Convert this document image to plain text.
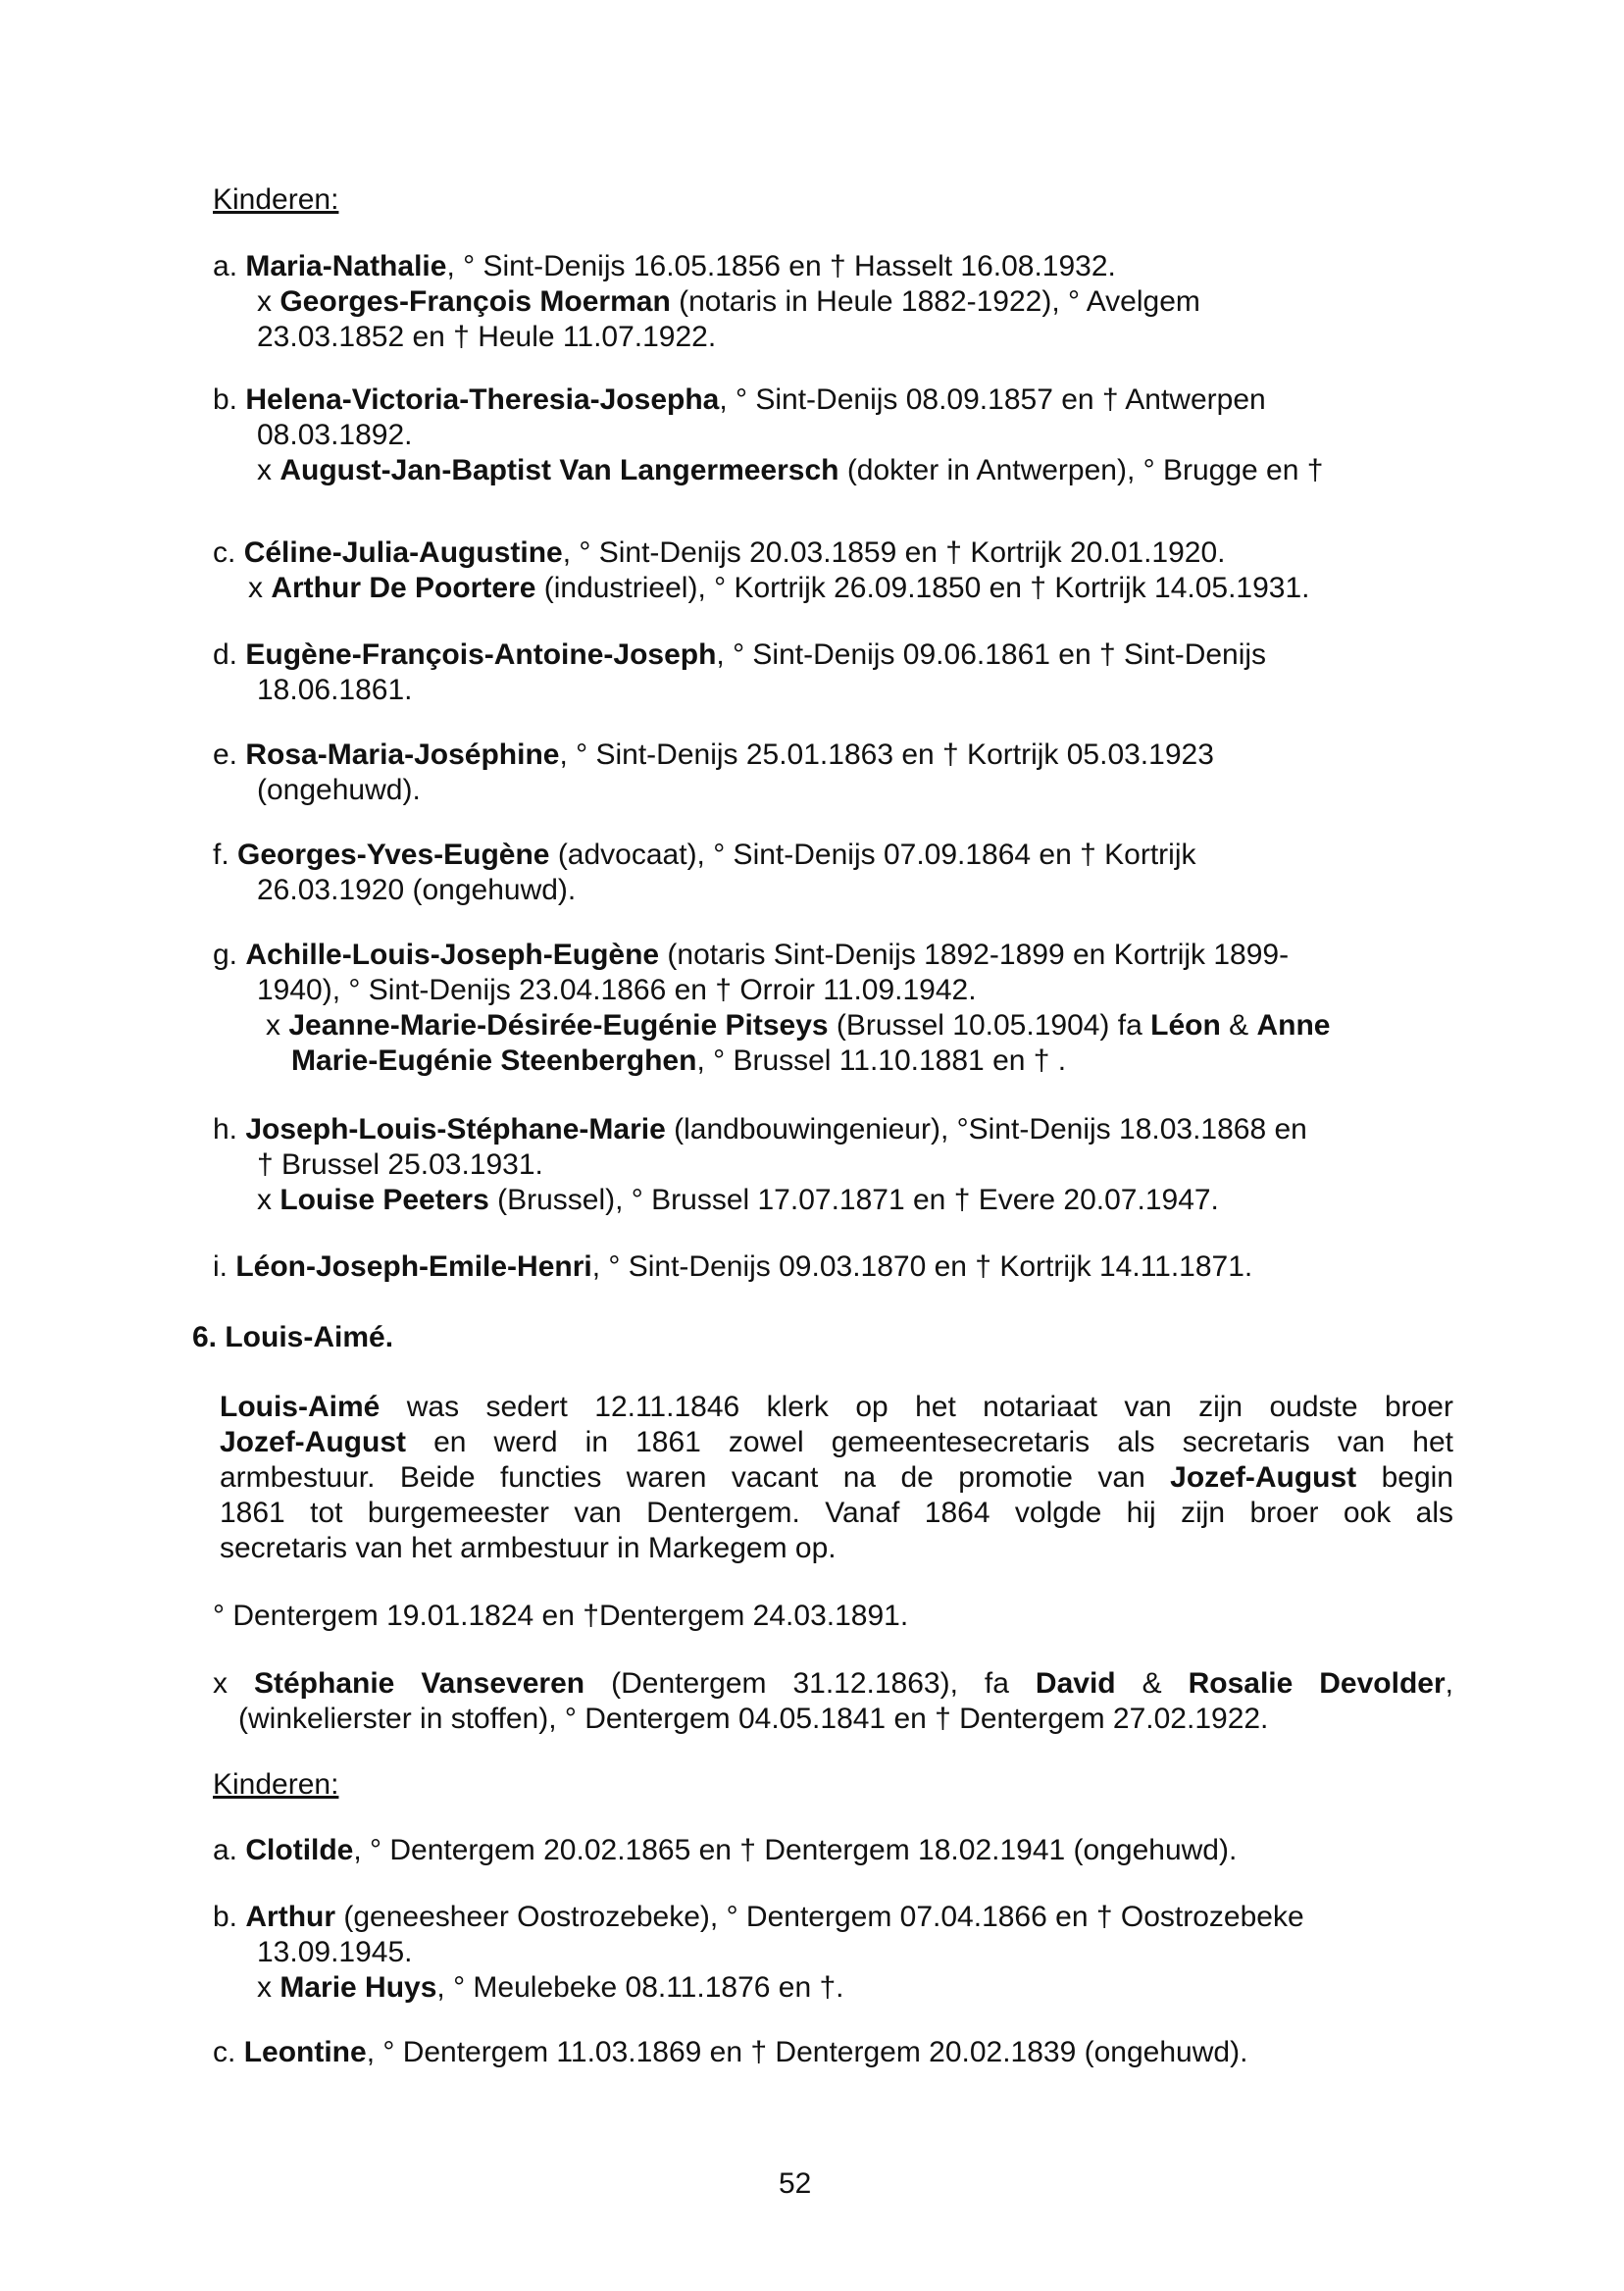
Kinderen:
a. Maria-Nathalie, ° Sint-Denijs 16.05.1856 en † Hasselt 16.08.1932.
x Georges-François Moerman (notaris in Heule 1882-1922), ° Avelgem
23.03.1852 en † Heule 11.07.1922.
b. Helena-Victoria-Theresia-Josepha, ° Sint-Denijs 08.09.1857 en † Antwerpen
08.03.1892.
x August-Jan-Baptist Van Langermeersch (dokter in Antwerpen), ° Brugge en †
c. Céline-Julia-Augustine, ° Sint-Denijs 20.03.1859 en † Kortrijk 20.01.1920.
x Arthur De Poortere (industrieel), ° Kortrijk 26.09.1850 en † Kortrijk 14.05.1931.
d. Eugène-François-Antoine-Joseph, ° Sint-Denijs 09.06.1861 en † Sint-Denijs
18.06.1861.
e. Rosa-Maria-Joséphine, ° Sint-Denijs 25.01.1863 en † Kortrijk 05.03.1923
(ongehuwd).
f. Georges-Yves-Eugène (advocaat), ° Sint-Denijs 07.09.1864 en † Kortrijk
26.03.1920 (ongehuwd).
g. Achille-Louis-Joseph-Eugène (notaris Sint-Denijs 1892-1899 en Kortrijk 1899-
1940), ° Sint-Denijs 23.04.1866 en † Orroir 11.09.1942.
x Jeanne-Marie-Désirée-Eugénie Pitseys (Brussel 10.05.1904) fa Léon & Anne
Marie-Eugénie Steenberghen, ° Brussel 11.10.1881 en † .
h. Joseph-Louis-Stéphane-Marie (landbouwingenieur), °Sint-Denijs 18.03.1868 en
† Brussel 25.03.1931.
x Louise Peeters (Brussel), ° Brussel 17.07.1871 en † Evere 20.07.1947.
i. Léon-Joseph-Emile-Henri, ° Sint-Denijs 09.03.1870 en † Kortrijk 14.11.1871.
6. Louis-Aimé.
Louis-Aimé was sedert 12.11.1846 klerk op het notariaat van zijn oudste broer
Jozef-August en werd in 1861 zowel gemeentesecretaris als secretaris van het
armbestuur. Beide functies waren vacant na de promotie van Jozef-August begin
1861 tot burgemeester van Dentergem. Vanaf 1864 volgde hij zijn broer ook als
secretaris van het armbestuur in Markegem op.
° Dentergem 19.01.1824 en †Dentergem 24.03.1891.
x Stéphanie Vanseveren (Dentergem 31.12.1863), fa David & Rosalie Devolder,
(winkelierster in stoffen), ° Dentergem 04.05.1841 en † Dentergem 27.02.1922.
Kinderen:
a. Clotilde, ° Dentergem 20.02.1865 en † Dentergem 18.02.1941 (ongehuwd).
b. Arthur (geneesheer Oostrozebeke), ° Dentergem 07.04.1866 en † Oostrozebeke
13.09.1945.
x Marie Huys, ° Meulebeke 08.11.1876 en †.
c. Leontine, ° Dentergem 11.03.1869 en † Dentergem 20.02.1839 (ongehuwd).
52
